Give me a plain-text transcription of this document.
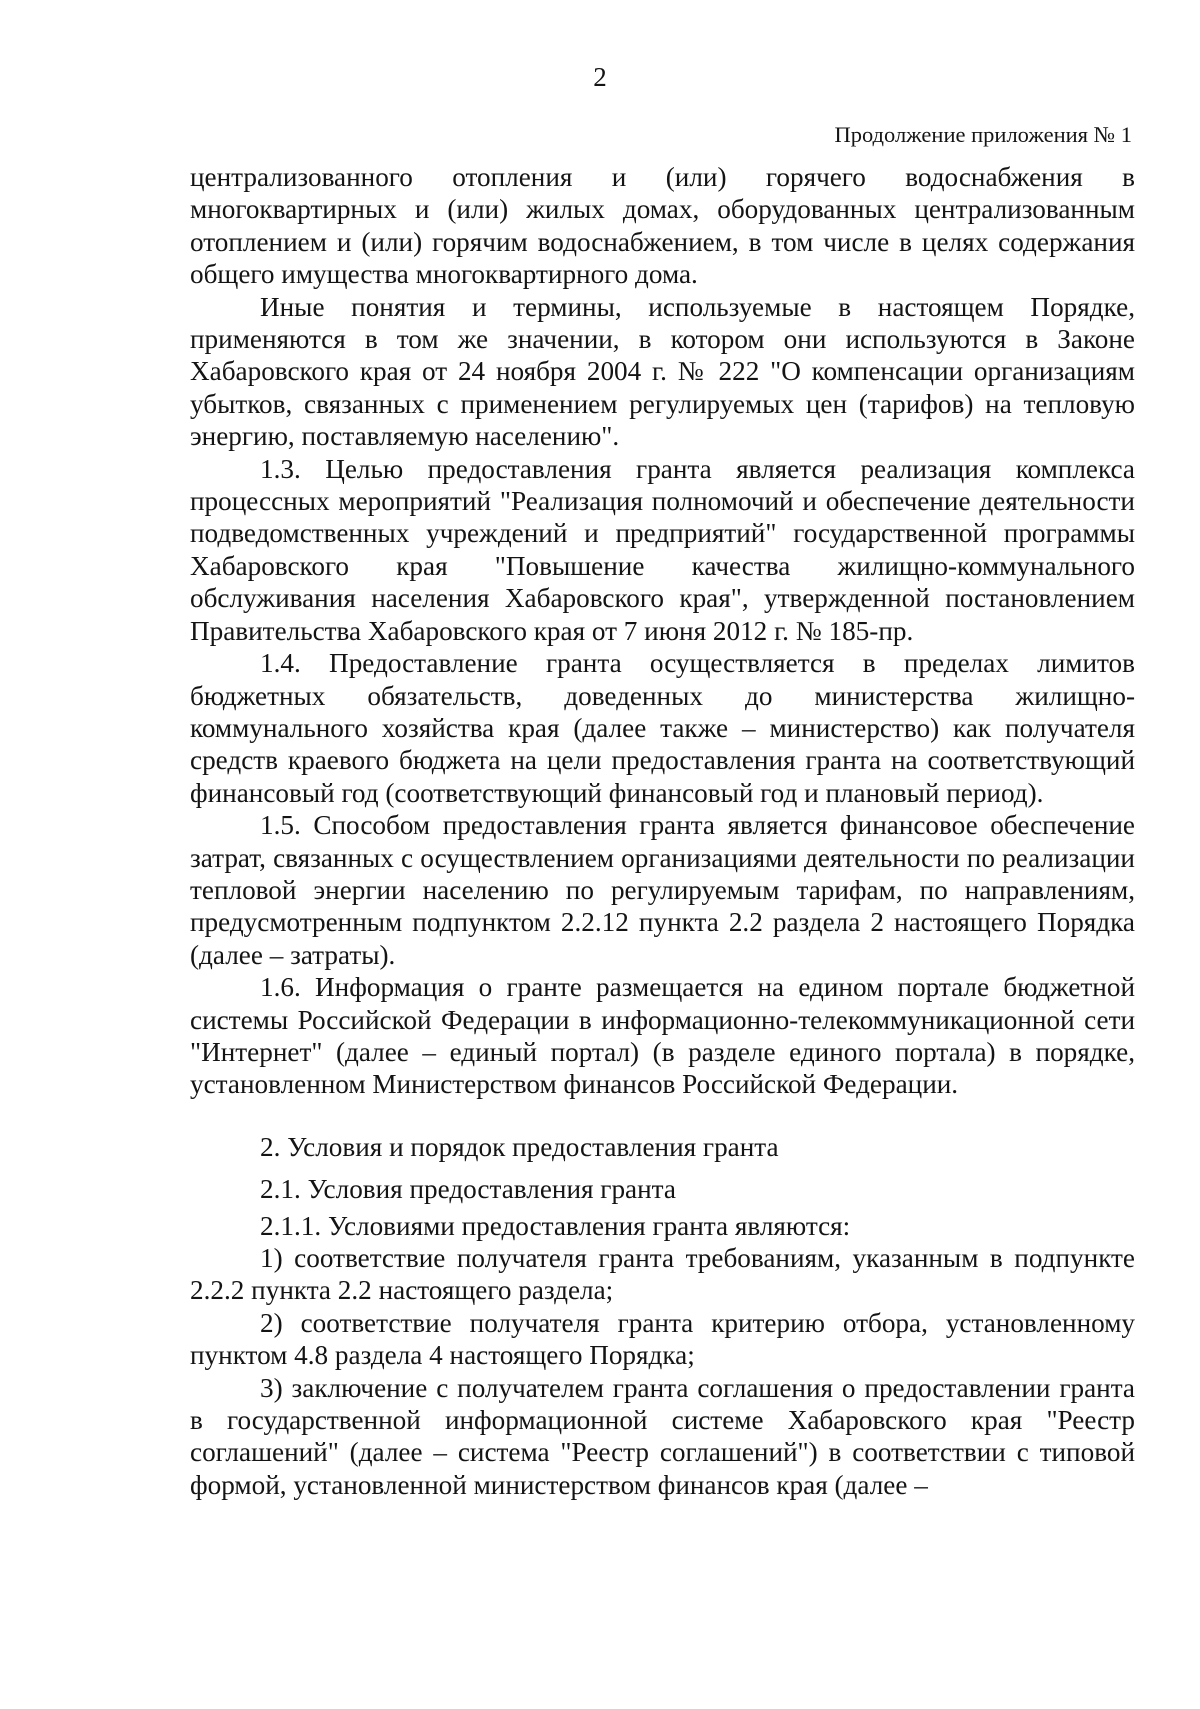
2
Продолжение приложения № 1

централизованного отопления и (или) горячего водоснабжения в многоквартирных и (или) жилых домах, оборудованных централизованным отоплением и (или) горячим водоснабжением, в том числе в целях содержания общего имущества многоквартирного дома.

Иные понятия и термины, используемые в настоящем Порядке, применяются в том же значении, в котором они используются в Законе Хабаровского края от 24 ноября 2004 г. № 222 "О компенсации организациям убытков, связанных с применением регулируемых цен (тарифов) на тепловую энергию, поставляемую населению".

1.3. Целью предоставления гранта является реализация комплекса процессных мероприятий "Реализация полномочий и обеспечение деятельности подведомственных учреждений и предприятий" государственной программы Хабаровского края "Повышение качества жилищно-коммунального обслуживания населения Хабаровского края", утвержденной постановлением Правительства Хабаровского края от 7 июня 2012 г. № 185-пр.

1.4. Предоставление гранта осуществляется в пределах лимитов бюджетных обязательств, доведенных до министерства жилищно-коммунального хозяйства края (далее также – министерство) как получателя средств краевого бюджета на цели предоставления гранта на соответствующий финансовый год (соответствующий финансовый год и плановый период).

1.5. Способом предоставления гранта является финансовое обеспечение затрат, связанных с осуществлением организациями деятельности по реализации тепловой энергии населению по регулируемым тарифам, по направлениям, предусмотренным подпунктом 2.2.12 пункта 2.2 раздела 2 настоящего Порядка (далее – затраты).

1.6. Информация о гранте размещается на едином портале бюджетной системы Российской Федерации в информационно-телекоммуникационной сети "Интернет" (далее – единый портал) (в разделе единого портала) в порядке, установленном Министерством финансов Российской Федерации.

2. Условия и порядок предоставления гранта

2.1. Условия предоставления гранта

2.1.1. Условиями предоставления гранта являются:

1) соответствие получателя гранта требованиям, указанным в подпункте 2.2.2 пункта 2.2 настоящего раздела;

2) соответствие получателя гранта критерию отбора, установленному пунктом 4.8 раздела 4 настоящего Порядка;

3) заключение с получателем гранта соглашения о предоставлении гранта в государственной информационной системе Хабаровского края "Реестр соглашений" (далее – система "Реестр соглашений") в соответствии с типовой формой, установленной министерством финансов края (далее –
